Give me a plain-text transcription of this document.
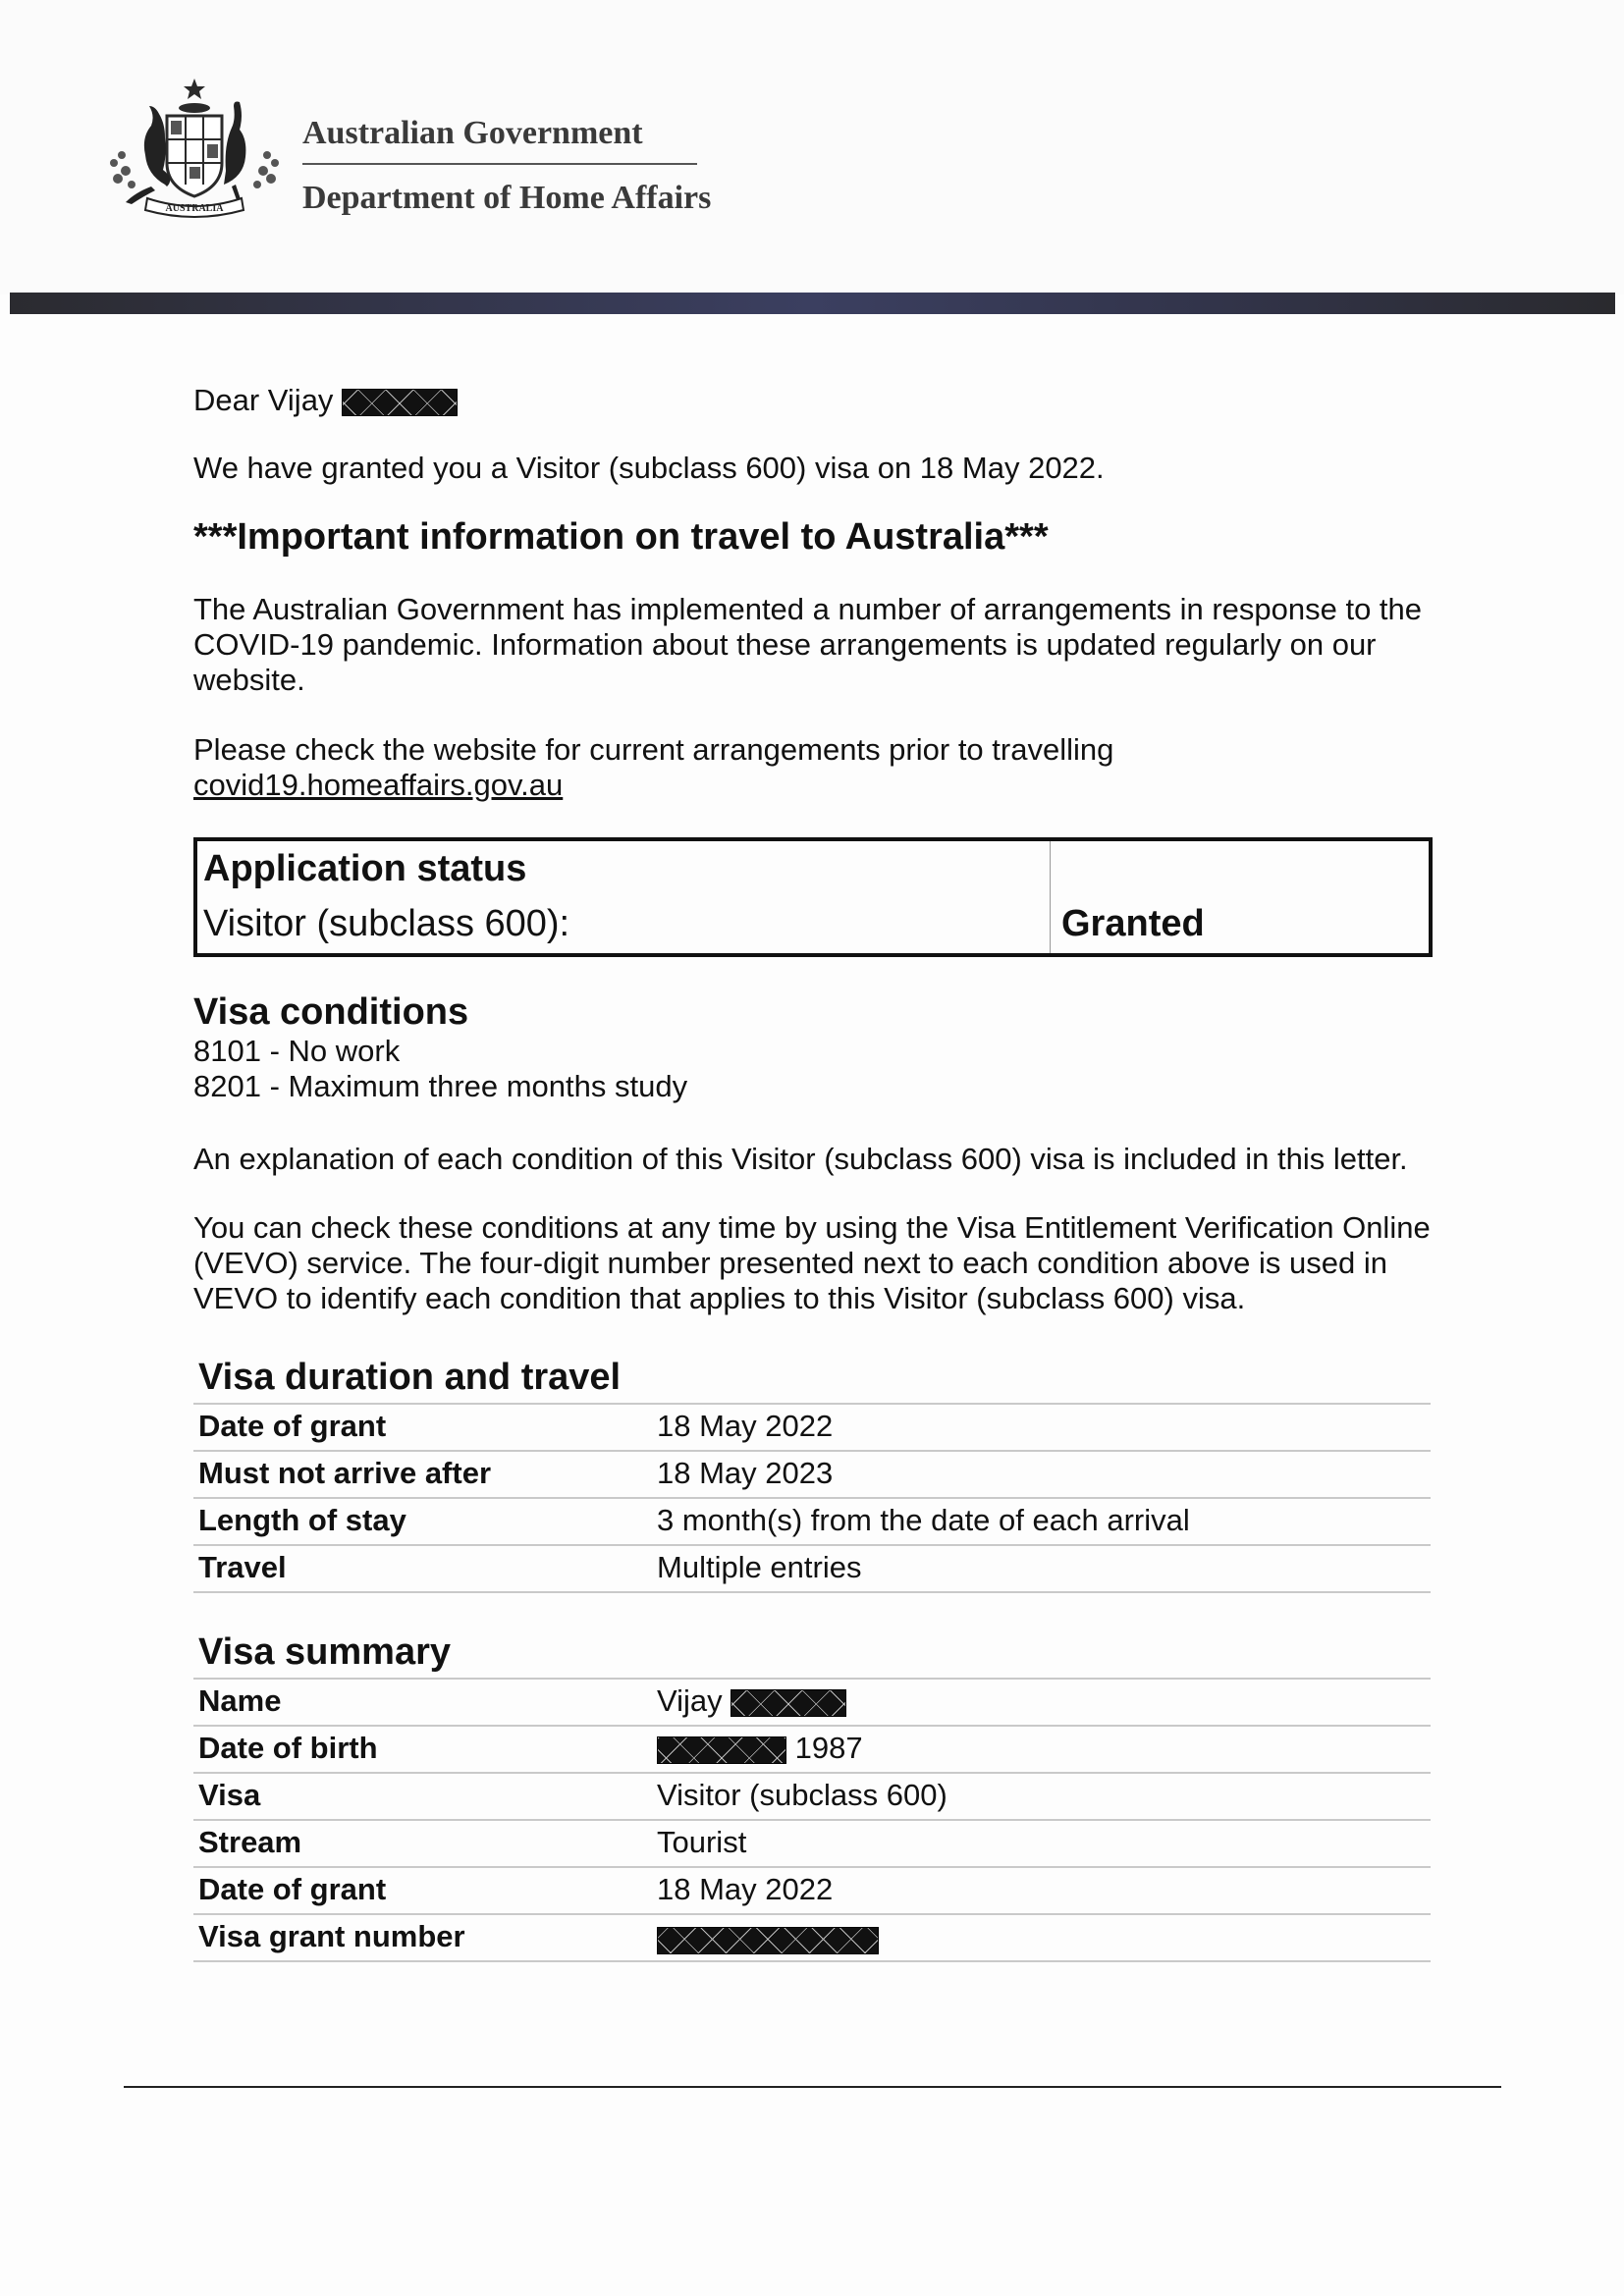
AUSTRALIA
Australian Government
Department of Home Affairs
Dear Vijay
We have granted you a Visitor (subclass 600) visa on 18 May 2022.
***Important information on travel to Australia***
The Australian Government has implemented a number of arrangements in response to the COVID-19 pandemic. Information about these arrangements is updated regularly on our website.
Please check the website for current arrangements prior to travelling
covid19.homeaffairs.gov.au
Application status
Visitor (subclass 600):	Granted
Visa conditions
8101 - No work
8201 - Maximum three months study
An explanation of each condition of this Visitor (subclass 600) visa is included in this letter.
You can check these conditions at any time by using the Visa Entitlement Verification Online (VEVO) service. The four-digit number presented next to each condition above is used in VEVO to identify each condition that applies to this Visitor (subclass 600) visa.
Visa duration and travel
Date of grant	18 May 2022
Must not arrive after	18 May 2023
Length of stay	3 month(s) from the date of each arrival
Travel	Multiple entries
Visa summary
Name	Vijay
Date of birth	1987
Visa	Visitor (subclass 600)
Stream	Tourist
Date of grant	18 May 2022
Visa grant number	
